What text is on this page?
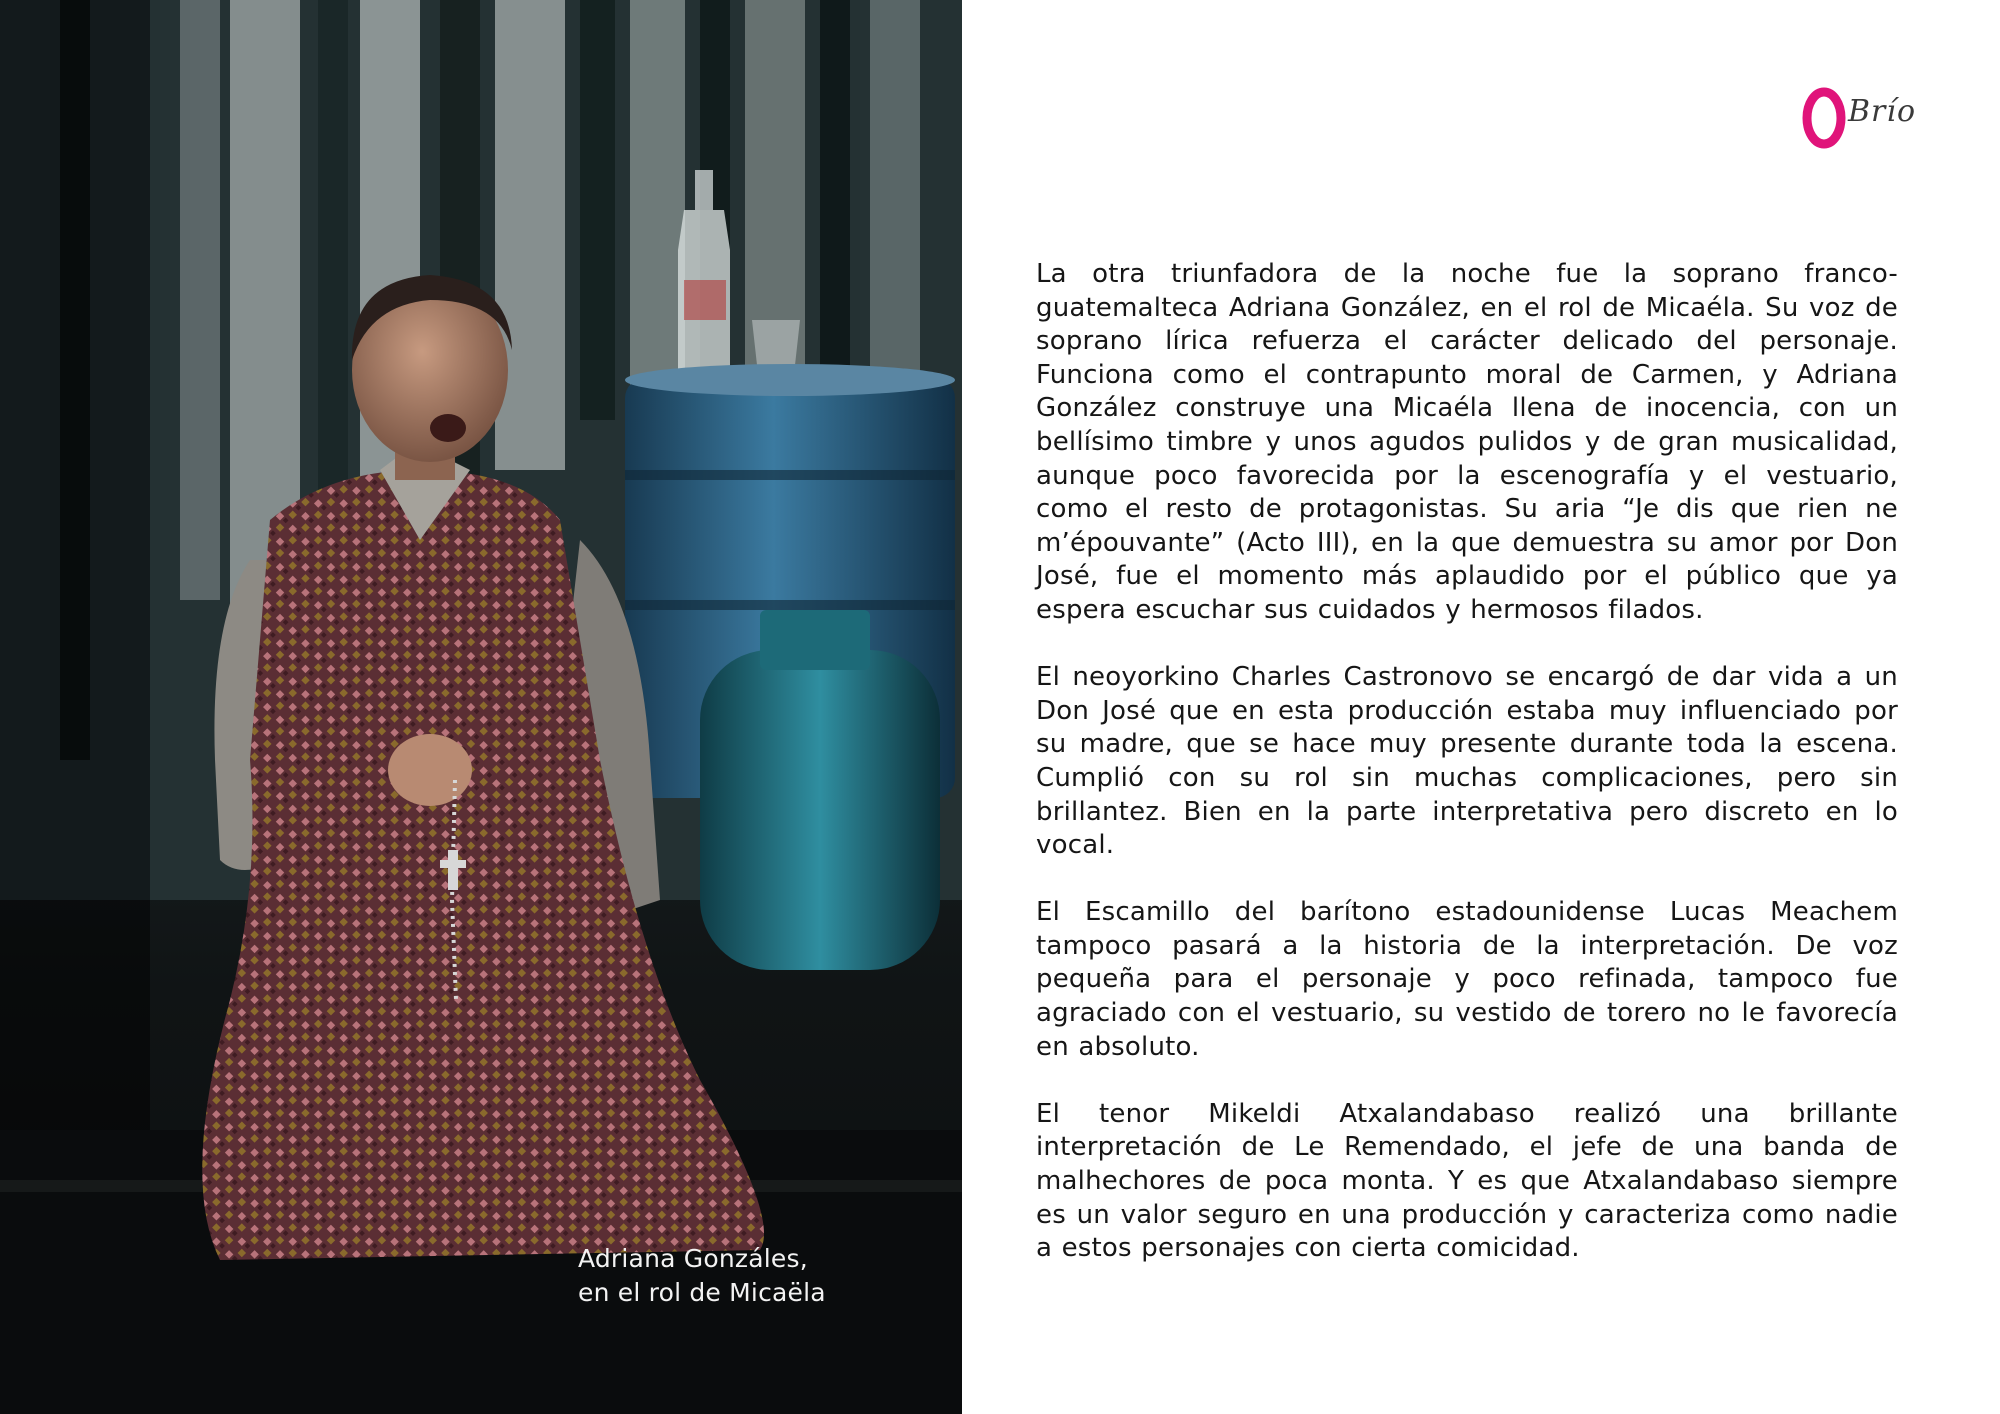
Adriana Gonzáles,
en el rol de Micaëla
Brío

La otra triunfadora de la noche fue la soprano franco-guatemalteca Adriana González, en el rol de Micaéla. Su voz de soprano lírica refuerza el carácter delicado del personaje. Funciona como el contrapunto moral de Carmen, y Adriana González construye una Micaéla llena de inocencia, con un bellísimo timbre y unos agudos pulidos y de gran musicalidad, aunque poco favorecida por la escenografía y el vestuario, como el resto de protagonistas. Su aria “Je dis que rien ne m’épouvante” (Acto III), en la que demuestra su amor por Don José, fue el momento más aplaudido por el público que ya espera escuchar sus cuidados y hermosos filados.

El neoyorkino Charles Castronovo se encargó de dar vida a un Don José que en esta producción estaba muy influenciado por su madre, que se hace muy presente durante toda la escena. Cumplió con su rol sin muchas complicaciones, pero sin brillantez. Bien en la parte interpretativa pero discreto en lo vocal.

El Escamillo del barítono estadounidense Lucas Meachem tampoco pasará a la historia de la interpretación. De voz pequeña para el personaje y poco refinada, tampoco fue agraciado con el vestuario, su vestido de torero no le favorecía en absoluto.

El tenor Mikeldi Atxalandabaso realizó una brillante interpretación de Le Remendado, el jefe de una banda de malhechores de poca monta. Y es que Atxalandabaso siempre es un valor seguro en una producción y caracteriza como nadie a estos personajes con cierta comicidad.
